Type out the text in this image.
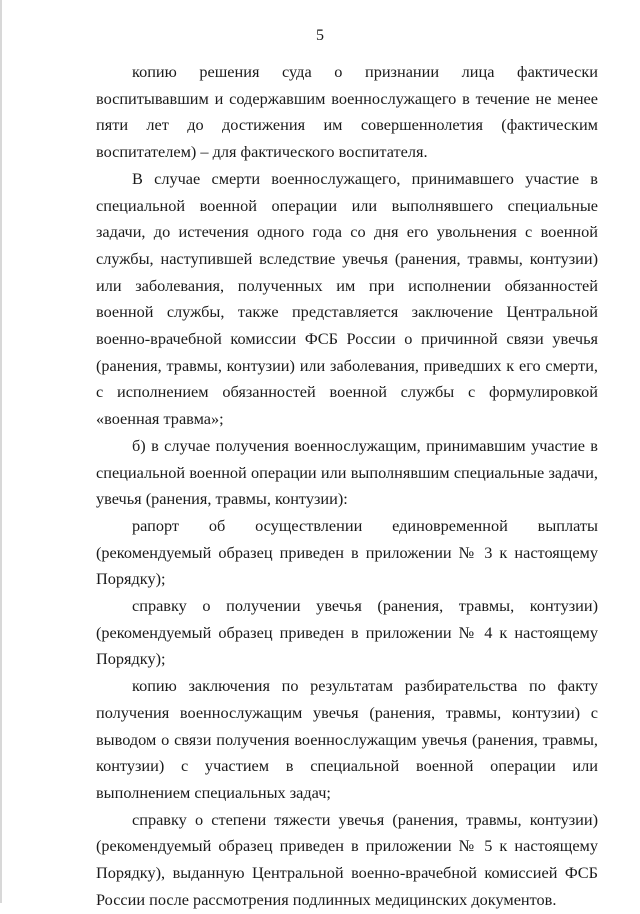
5

копию решения суда о признании лица фактически воспитывавшим и содержавшим военнослужащего в течение не менее пяти лет до достижения им совершеннолетия (фактическим воспитателем) – для фактического воспитателя.

В случае смерти военнослужащего, принимавшего участие в специальной военной операции или выполнявшего специальные задачи, до истечения одного года со дня его увольнения с военной службы, наступившей вследствие увечья (ранения, травмы, контузии) или заболевания, полученных им при исполнении обязанностей военной службы, также представляется заключение Центральной военно-врачебной комиссии ФСБ России о причинной связи увечья (ранения, травмы, контузии) или заболевания, приведших к его смерти, с исполнением обязанностей военной службы с формулировкой «военная травма»;

б) в случае получения военнослужащим, принимавшим участие в специальной военной операции или выполнявшим специальные задачи, увечья (ранения, травмы, контузии):

рапорт об осуществлении единовременной выплаты (рекомендуемый образец приведен в приложении № 3 к настоящему Порядку);

справку о получении увечья (ранения, травмы, контузии) (рекомендуемый образец приведен в приложении № 4 к настоящему Порядку);

копию заключения по результатам разбирательства по факту получения военнослужащим увечья (ранения, травмы, контузии) с выводом о связи получения военнослужащим увечья (ранения, травмы, контузии) с участием в специальной военной операции или выполнением специальных задач;

справку о степени тяжести увечья (ранения, травмы, контузии) (рекомендуемый образец приведен в приложении № 5 к настоящему Порядку), выданную Центральной военно-врачебной комиссией ФСБ России после рассмотрения подлинных медицинских документов.
